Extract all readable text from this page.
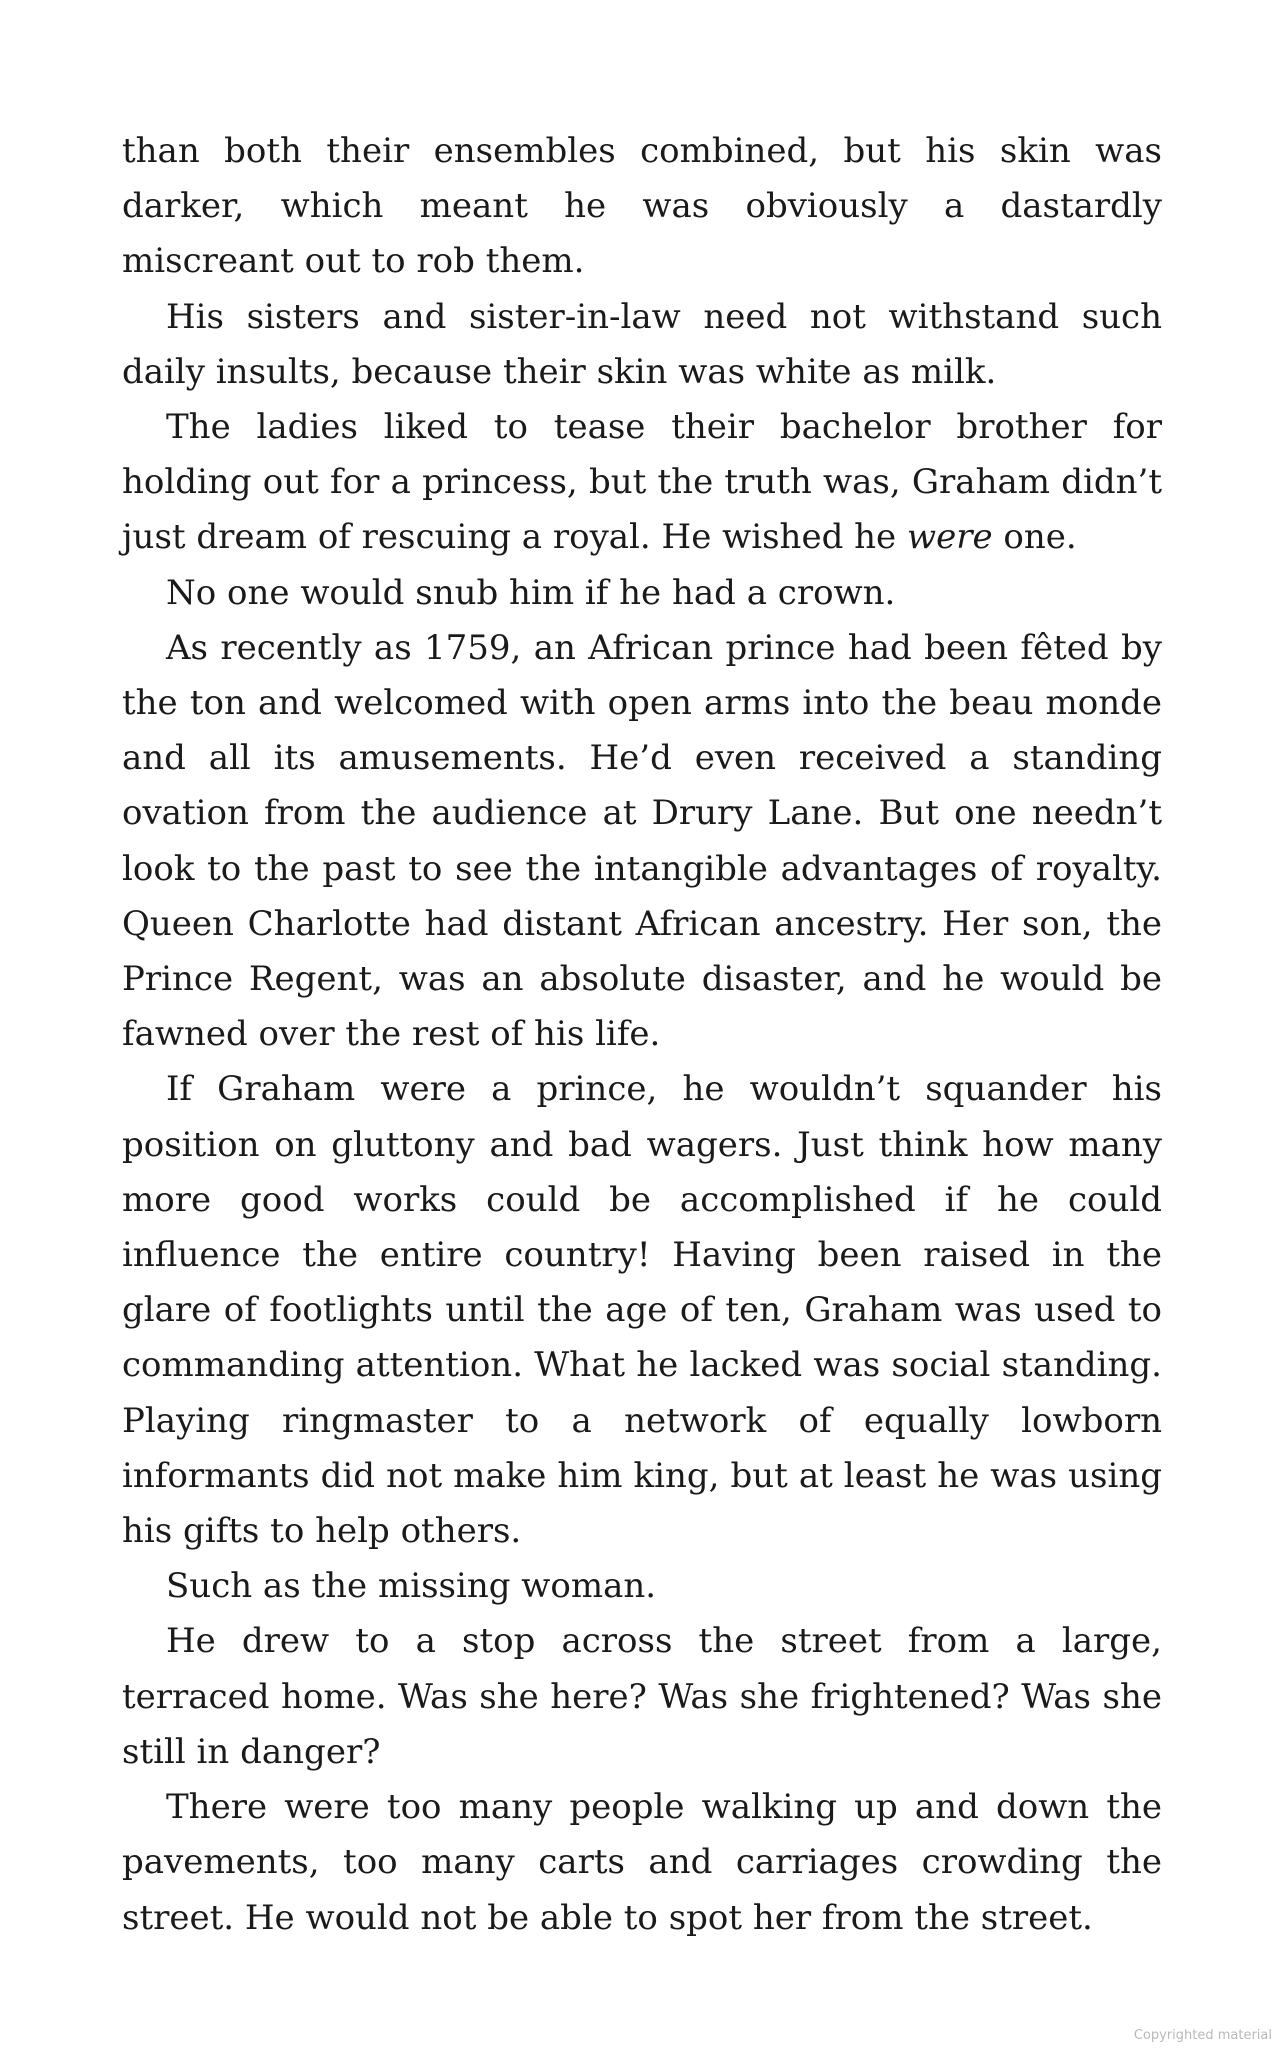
than both their ensembles combined, but his skin was darker, which meant he was obviously a dastardly miscreant out to rob them.

His sisters and sister-in-law need not withstand such daily insults, because their skin was white as milk.

The ladies liked to tease their bachelor brother for holding out for a princess, but the truth was, Graham didn’t just dream of rescuing a royal. He wished he were one.

No one would snub him if he had a crown.

As recently as 1759, an African prince had been fêted by the ton and welcomed with open arms into the beau monde and all its amusements. He’d even received a standing ovation from the audience at Drury Lane. But one needn’t look to the past to see the intangible advantages of royalty. Queen Charlotte had distant African ancestry. Her son, the Prince Regent, was an absolute disaster, and he would be fawned over the rest of his life.

If Graham were a prince, he wouldn’t squander his position on gluttony and bad wagers. Just think how many more good works could be accomplished if he could influence the entire country! Having been raised in the glare of footlights until the age of ten, Graham was used to commanding attention. What he lacked was social standing. Playing ringmaster to a network of equally lowborn informants did not make him king, but at least he was using his gifts to help others.

Such as the missing woman.

He drew to a stop across the street from a large, terraced home. Was she here? Was she frightened? Was she still in danger?

There were too many people walking up and down the pavements, too many carts and carriages crowding the street. He would not be able to spot her from the street.

Copyrighted material
